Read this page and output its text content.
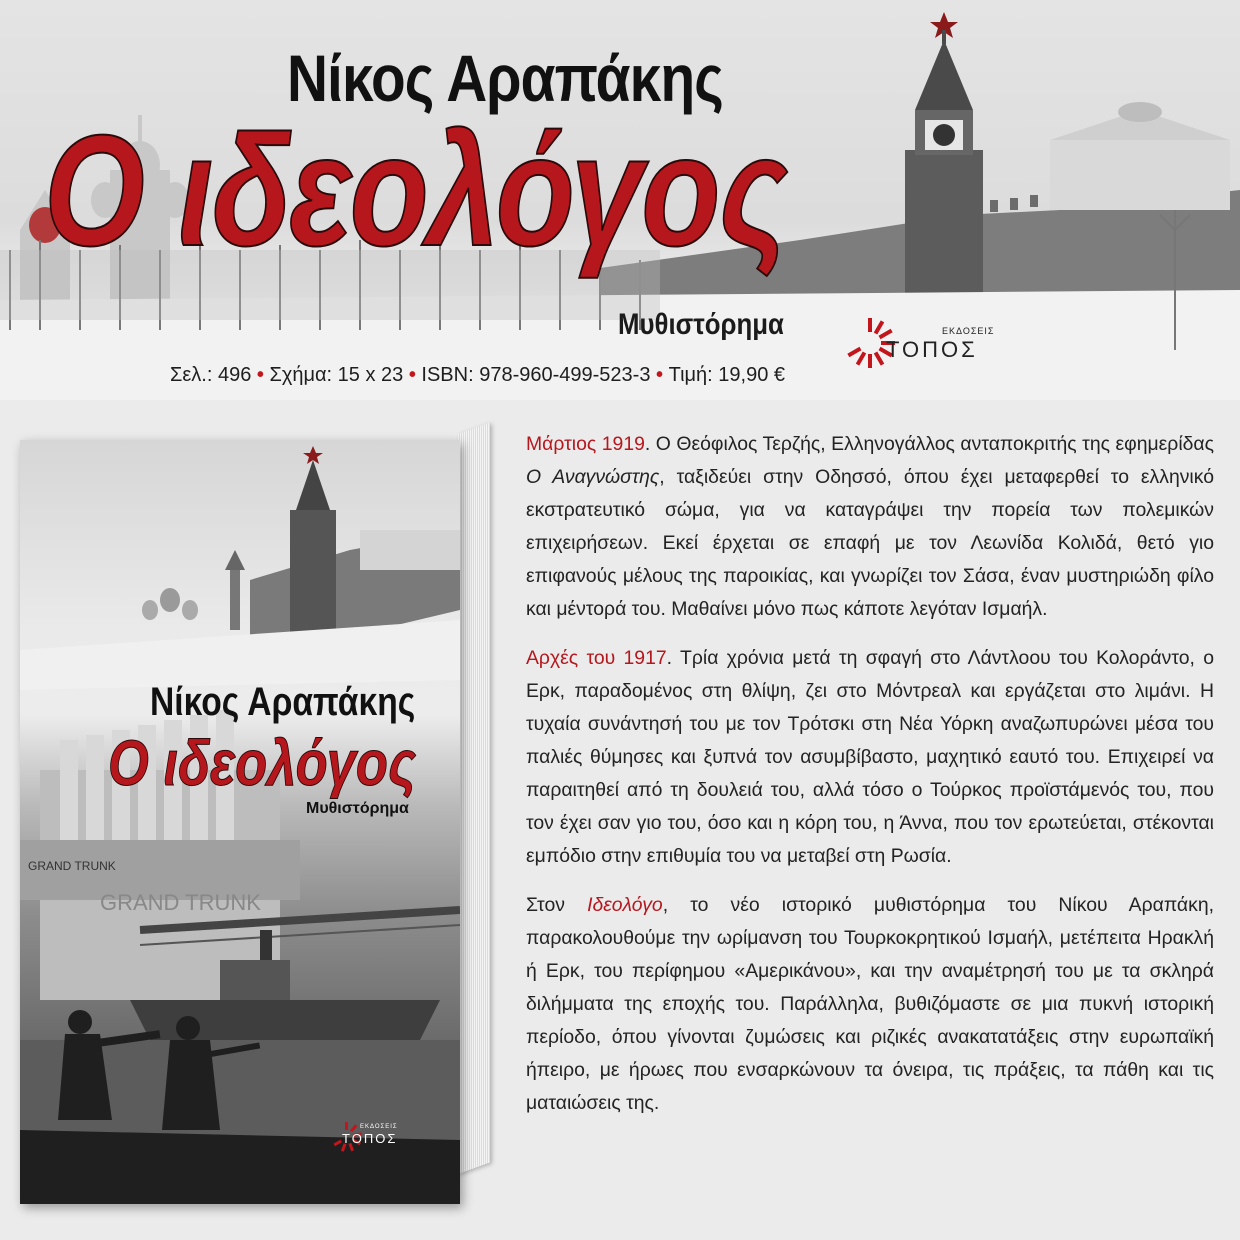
Νίκος Αραπάκης
Ο ιδεολόγος
Μυθιστόρημα
Σελ.: 496 • Σχήμα: 15 x 23 • ISBN: 978-960-499-523-3 • Τιμή: 19,90 €
ΕΚΔΟΣΕΙΣ
ΤΟΠΟΣ
GRAND TRUNK
GRAND TRUNK
Νίκος Αραπάκης
Ο ιδεολόγος
Μυθιστόρημα
ΕΚΔΟΣΕΙΣ
ΤΟΠΟΣ

Μάρτιος 1919. Ο Θεόφιλος Τερζής, Ελληνογάλλος ανταποκριτής της εφημερίδας Ο Αναγνώστης, ταξιδεύει στην Οδησσό, όπου έχει μεταφερθεί το ελληνικό εκστρατευτικό σώμα, για να καταγράψει την πορεία των πολεμικών επιχειρήσεων. Εκεί έρχεται σε επαφή με τον Λεωνίδα Κολιδά, θετό γιο επιφανούς μέλους της παροικίας, και γνωρίζει τον Σάσα, έναν μυστηριώδη φίλο και μέντορά του. Μαθαίνει μόνο πως κάποτε λεγόταν Ισμαήλ.

Αρχές του 1917. Τρία χρόνια μετά τη σφαγή στο Λάντλοου του Κολοράντο, ο Ερκ, παραδομένος στη θλίψη, ζει στο Μόντρεαλ και εργάζεται στο λιμάνι. Η τυχαία συνάντησή του με τον Τρότσκι στη Νέα Υόρκη αναζωπυρώνει μέσα του παλιές θύμησες και ξυπνά τον ασυμβίβαστο, μαχητικό εαυτό του. Επιχειρεί να παραιτηθεί από τη δουλειά του, αλλά τόσο ο Τούρκος προϊστάμενός του, που τον έχει σαν γιο του, όσο και η κόρη του, η Άννα, που τον ερωτεύεται, στέκονται εμπόδιο στην επιθυμία του να μεταβεί στη Ρωσία.

Στον Ιδεολόγο, το νέο ιστορικό μυθιστόρημα του Νίκου Αραπάκη, παρακολουθούμε την ωρίμανση του Τουρκοκρητικού Ισμαήλ, μετέπειτα Ηρακλή ή Ερκ, του περίφημου «Αμερικάνου», και την αναμέτρησή του με τα σκληρά διλήμματα της εποχής του. Παράλληλα, βυθιζόμαστε σε μια πυκνή ιστορική περίοδο, όπου γίνονται ζυμώσεις και ριζικές ανακατατάξεις στην ευρωπαϊκή ήπειρο, με ήρωες που ενσαρκώνουν τα όνειρα, τις πράξεις, τα πάθη και τις ματαιώσεις της.
